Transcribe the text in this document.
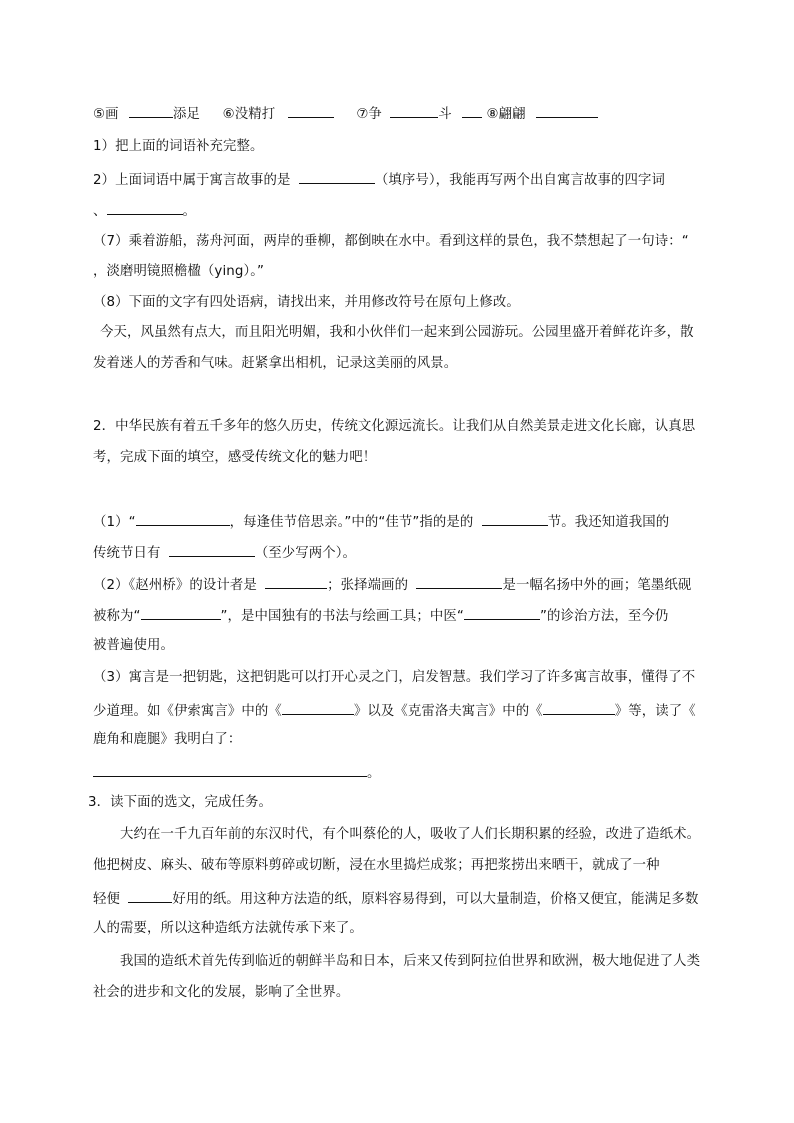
⑤画	添足 ⑥没精打	⑦争	斗	⑧翩翩
1）把上面的词语补充完整。
2）上面词语中属于寓言故事的是	（填序号），我能再写两个出自寓言故事的四字词
、	。
（7）乘着游船，荡舟河面，两岸的垂柳，都倒映在水中。看到这样的景色，我不禁想起了一句诗：“
，淡磨明镜照檐楹（ying）。”
（8）下面的文字有四处语病，请找出来，并用修改符号在原句上修改。
今天，风虽然有点大，而且阳光明媚，我和小伙伴们一起来到公园游玩。公园里盛开着鲜花许多，散
发着迷人的芳香和气味。赶紧拿出相机，记录这美丽的风景。
2．中华民族有着五千多年的悠久历史，传统文化源远流长。让我们从自然美景走进文化长廊，认真思
考，完成下面的填空，感受传统文化的魅力吧！
（1）“	，每逢佳节倍思亲。”中的“佳节”指的是的	节。我还知道我国的
传统节日有	（至少写两个）。
（2）《赵州桥》的设计者是	；张择端画的	是一幅名扬中外的画；笔墨纸砚
被称为“	”，是中国独有的书法与绘画工具；中医“	”的诊治方法，至今仍
被普遍使用。
（3）寓言是一把钥匙，这把钥匙可以打开心灵之门，启发智慧。我们学习了许多寓言故事，懂得了不
少道理。如《伊索寓言》中的《	》以及《克雷洛夫寓言》中的《	》等，读了《
鹿角和鹿腿》我明白了：
。
3．读下面的选文，完成任务。
大约在一千九百年前的东汉时代，有个叫蔡伦的人，吸收了人们长期积累的经验，改进了造纸术。
他把树皮、麻头、破布等原料剪碎或切断，浸在水里捣烂成浆；再把浆捞出来晒干，就成了一种
轻便	好用的纸。用这种方法造的纸，原料容易得到，可以大量制造，价格又便宜，能满足多数
人的需要，所以这种造纸方法就传承下来了。
我国的造纸术首先传到临近的朝鲜半岛和日本，后来又传到阿拉伯世界和欧洲，极大地促进了人类
社会的进步和文化的发展，影响了全世界。
